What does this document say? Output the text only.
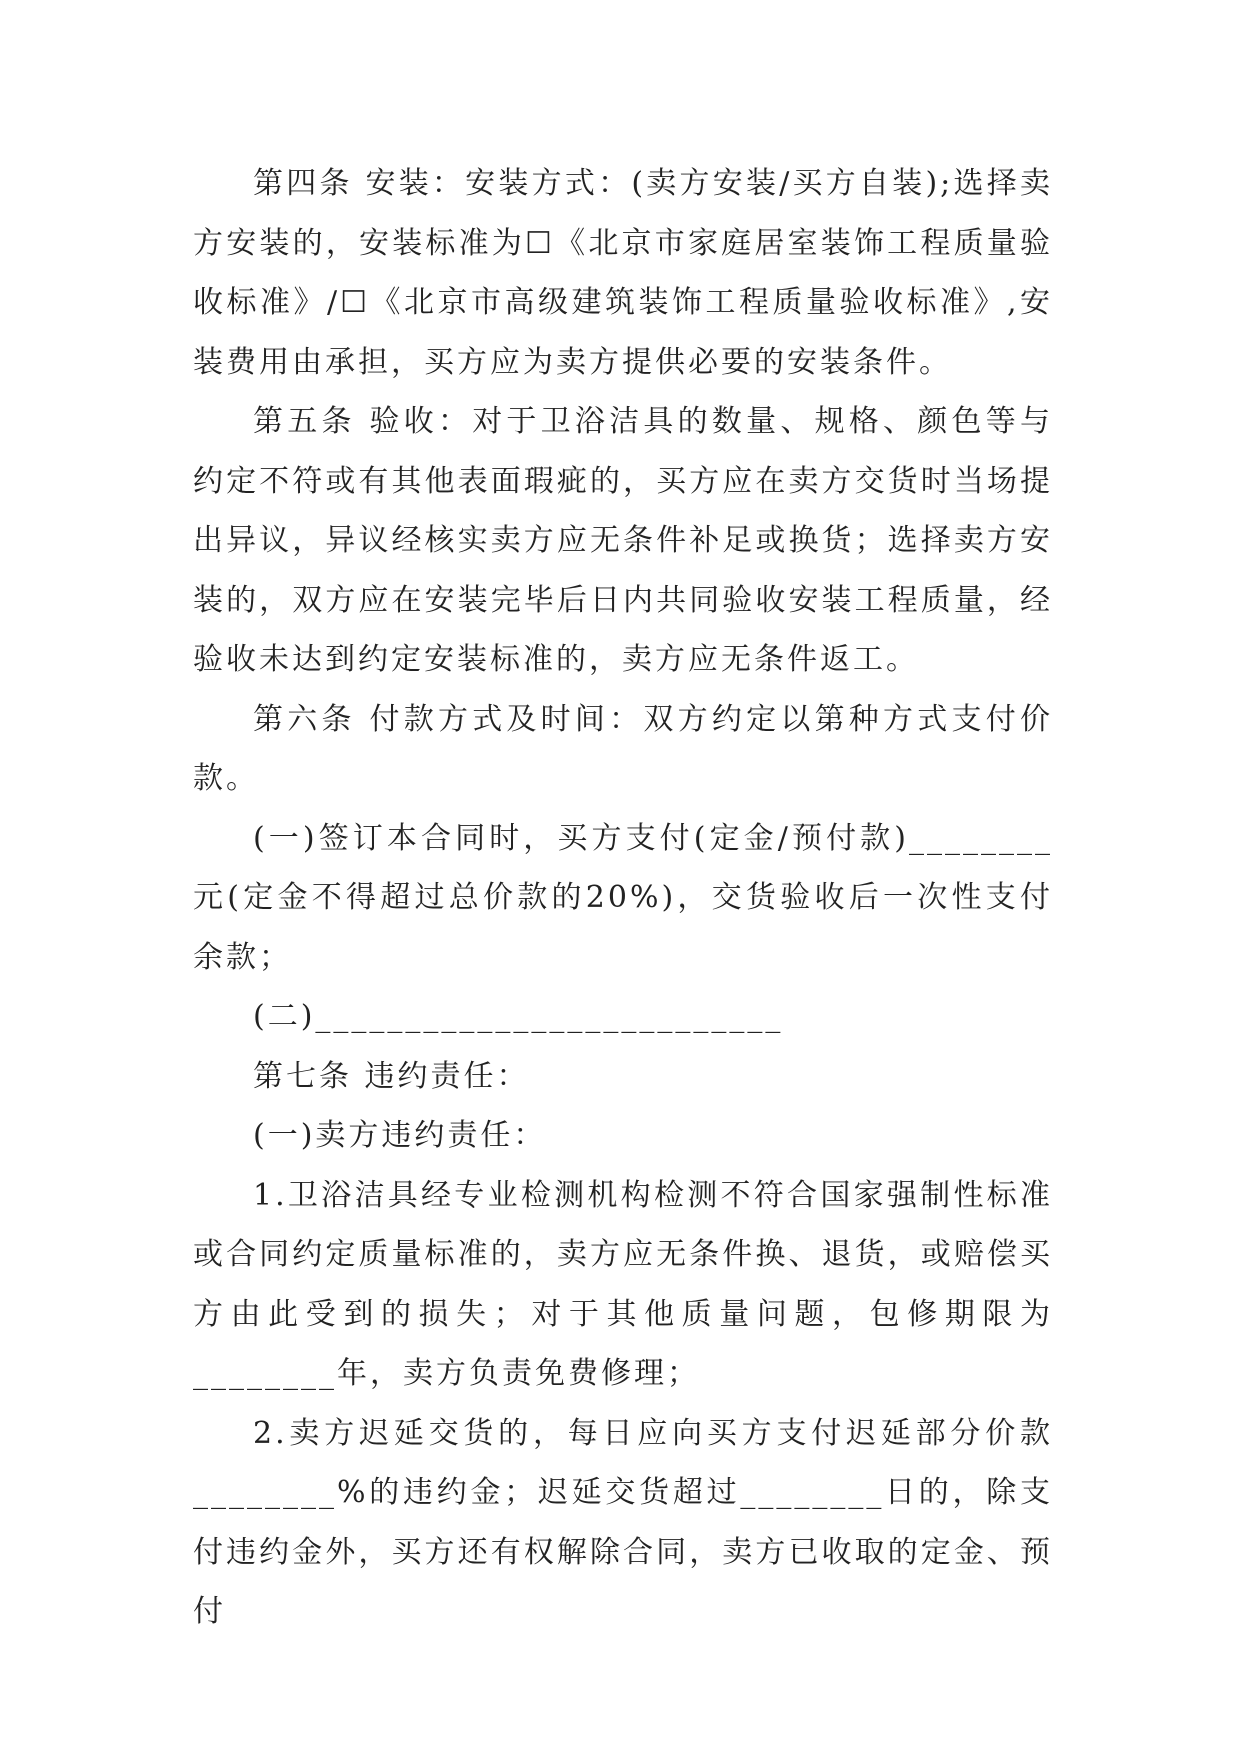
第四条 安装：安装方式：(卖方安装/买方自装);选择卖方安装的，安装标准为☐《北京市家庭居室装饰工程质量验收标准》/☐《北京市高级建筑装饰工程质量验收标准》,安装费用由承担，买方应为卖方提供必要的安装条件。

第五条 验收：对于卫浴洁具的数量、规格、颜色等与约定不符或有其他表面瑕疵的，买方应在卖方交货时当场提出异议，异议经核实卖方应无条件补足或换货；选择卖方安装的，双方应在安装完毕后日内共同验收安装工程质量，经验收未达到约定安装标准的，卖方应无条件返工。

第六条 付款方式及时间：双方约定以第种方式支付价款。

(一)签订本合同时，买方支付(定金/预付款)________元(定金不得超过总价款的20%)，交货验收后一次性支付余款；

(二)__________________________

第七条 违约责任：

(一)卖方违约责任：

1.卫浴洁具经专业检测机构检测不符合国家强制性标准或合同约定质量标准的，卖方应无条件换、退货，或赔偿买方由此受到的损失；对于其他质量问题，包修期限为________年，卖方负责免费修理；

2.卖方迟延交货的，每日应向买方支付迟延部分价款________%的违约金；迟延交货超过________日的，除支付违约金外，买方还有权解除合同，卖方已收取的定金、预付
